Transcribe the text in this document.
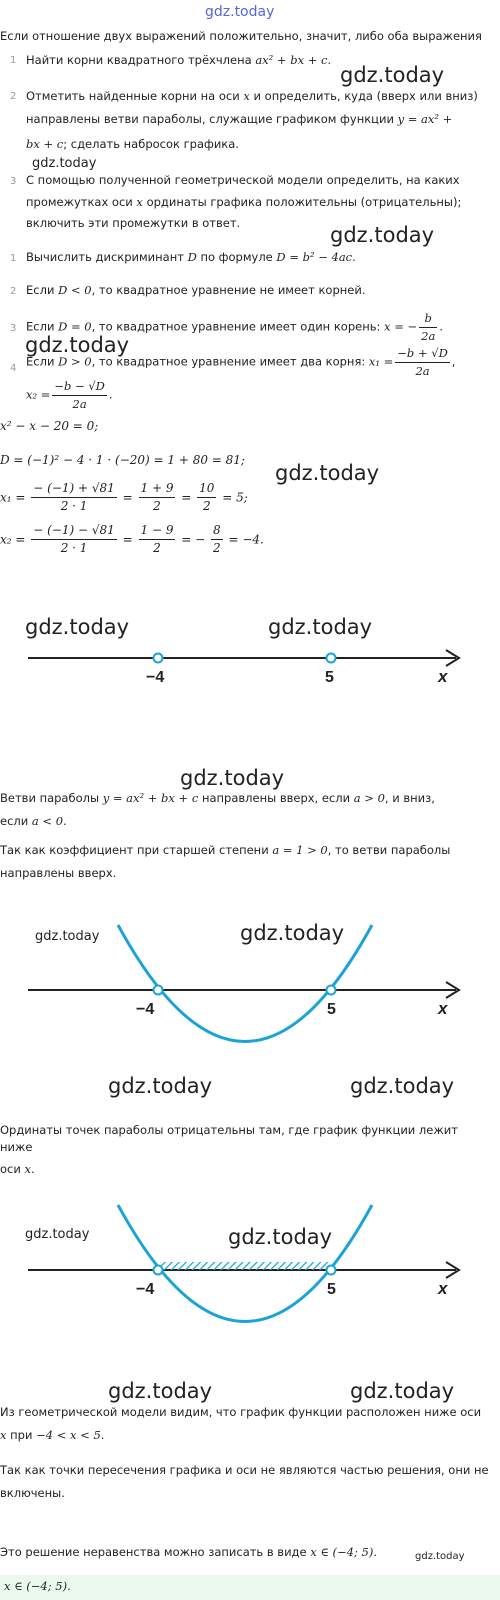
gdz.today
Если отношение двух выражений положительно, значит, либо оба выражения
1 Найти корни квадратного трёхчлена ax² + bx + c.
gdz.today
2 Отметить найденные корни на оси x и определить, куда (вверх или вниз)
направлены ветви параболы, служащие графиком функции y = ax² +
bx + c; сделать набросок графика.
gdz.today
3 С помощью полученной геометрической модели определить, на каких
промежутках оси x ординаты графика положительны (отрицательны);
включить эти промежутки в ответ.	gdz.today
1 Вычислить дискриминант D по формуле D = b² − 4ac.
2 Если D < 0, то квадратное уравнение не имеет корней.
3 Если D = 0, то квадратное уравнение имеет один корень: x = − $\frac{b}{2a}$ .
gdz.today
4 Если D > 0, то квадратное уравнение имеет два корня: $x_1 = \frac{-b + √D}{2a}$ ,
$x_2 = \frac{-b - √D}{2a}$ .
x² − x − 20 = 0;
D = (−1)² − 4 · 1 · (−20) = 1 + 80 = 81;
gdz.today
$x_1 = \frac{- (-1) + √81}{2 \cdot 1} = \frac{1 + 9}{2} = \frac{10}{2} = 5$;
$x_2 = \frac{- (-1) - √81}{2 \cdot 1} = \frac{1 - 9}{2}$ = − $\frac{8}{2} = -4$.
gdz.today	gdz.today
−4	5	x
gdz.today
Ветви параболы y = ax² + bx + c направлены вверх, если a > 0, и вниз,
если a < 0.
Так как коэффициент при старшей степени a = 1 > 0, то ветви параболы
направлены вверх.
gdz.today	gdz.today
−4	5	x
gdz.today	gdz.today
Ординаты точек параболы отрицательны там, где график функции лежит ниже
оси x.
gdz.today	gdz.today
−4	5	x
gdz.today	gdz.today
Из геометрической модели видим, что график функции расположен ниже оси
x при −4 < x < 5.
Так как точки пересечения графика и оси не являются частью решения, они не
включены.
Это решение неравенства можно записать в виде x ∈ (−4; 5).	gdz.today
x ∈ (−4; 5).
